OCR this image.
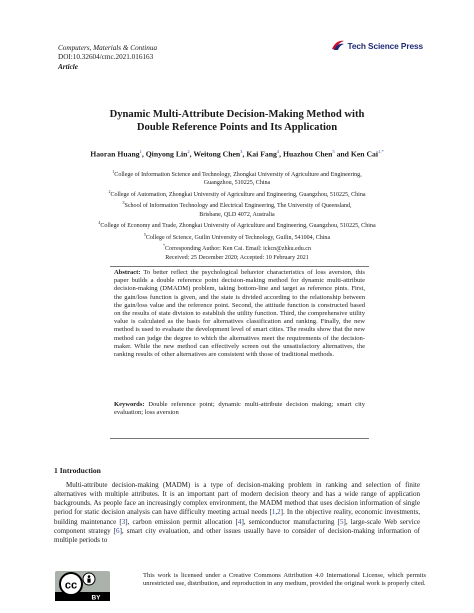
Computers, Materials & Continua
DOI:10.32604/cmc.2021.016163
Article
Tech Science Press
Dynamic Multi-Attribute Decision-Making Method with
Double Reference Points and Its Application
Haoran Huang$^1$, Qinyong Lin$^2$, Weitong Chen$^3$, Kai Fang$^4$, Huazhou Chen$^5$ and Ken Cai$^{1,*}$

$^1$College of Information Science and Technology, Zhongkai University of Agriculture and Engineering,
Guangzhou, 510225, China

$^2$College of Automation, Zhongkai University of Agriculture and Engineering, Guangzhou, 510225, China

$^3$School of Information Technology and Electrical Engineering, The University of Queensland,
Brisbane, QLD 4072, Australia

$^4$College of Economy and Trade, Zhongkai University of Agriculture and Engineering, Guangzhou, 510225, China

$^5$College of Science, Guilin University of Technology, Guilin, 541004, China

*Corresponding Author: Ken Cai. Email: ickcn@zhku.edu.cn

Received: 25 December 2020; Accepted: 10 February 2021

Abstract: To better reflect the psychological behavior characteristics of loss aversion, this paper builds a double reference point decision-making method for dynamic multi-attribute decision-making (DMADM) problem, taking bottom-line and target as reference pints. First, the gain/loss function is given, and the state is divided according to the relationship between the gain/loss value and the reference point. Second, the attitude function is constructed based on the results of state division to establish the utility function. Third, the comprehensive utility value is calculated as the basis for alternatives classification and ranking. Finally, the new method is used to evaluate the development level of smart cities. The results show that the new method can judge the degree to which the alternatives meet the requirements of the decision-maker. While the new method can effectively screen out the unsatisfactory alternatives, the ranking results of other alternatives are consistent with those of traditional methods.
Keywords: Double reference point; dynamic multi-attribute decision making; smart city evaluation; loss aversion
1 Introduction
Multi-attribute decision-making (MADM) is a type of decision-making problem in ranking and selection of finite alternatives with multiple attributes. It is an important part of modern decision theory and has a wide range of application backgrounds. As people face an increasingly complex environment, the MADM method that uses decision information of single period for static decision analysis can have difficulty meeting actual needs [1,2]. In the objective reality, economic investments, building maintenance [3], carbon emission permit allocation [4], semiconductor manufacturing [5], large-scale Web service component strategy [6], smart city evaluation, and other issues usually have to consider of decision-making information of multiple periods to
cc
BY
This work is licensed under a Creative Commons Attribution 4.0 International License, which permits unrestricted use, distribution, and reproduction in any medium, provided the original work is properly cited.
